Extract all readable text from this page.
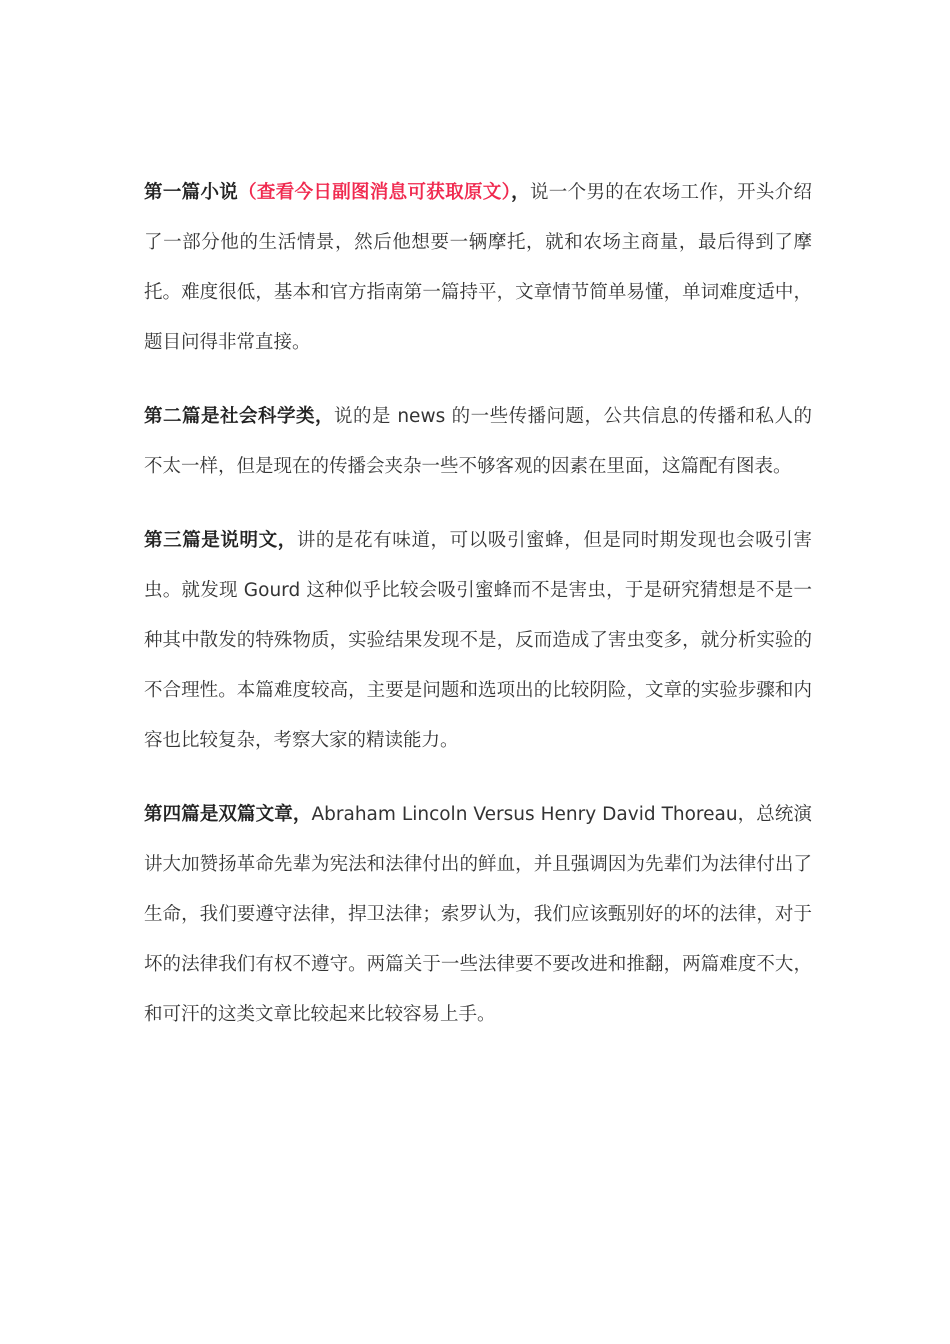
第一篇小说（查看今日副图消息可获取原文），说一个男的在农场工作，开头介绍了一部分他的生活情景，然后他想要一辆摩托，就和农场主商量，最后得到了摩托。难度很低，基本和官方指南第一篇持平，文章情节简单易懂，单词难度适中，题目问得非常直接。

第二篇是社会科学类，说的是 news 的一些传播问题，公共信息的传播和私人的不太一样，但是现在的传播会夹杂一些不够客观的因素在里面，这篇配有图表。

第三篇是说明文，讲的是花有味道，可以吸引蜜蜂，但是同时期发现也会吸引害虫。就发现 Gourd 这种似乎比较会吸引蜜蜂而不是害虫，于是研究猜想是不是一种其中散发的特殊物质，实验结果发现不是，反而造成了害虫变多，就分析实验的不合理性。本篇难度较高，主要是问题和选项出的比较阴险，文章的实验步骤和内容也比较复杂，考察大家的精读能力。

第四篇是双篇文章，Abraham Lincoln Versus Henry David Thoreau，总统演讲大加赞扬革命先辈为宪法和法律付出的鲜血，并且强调因为先辈们为法律付出了生命，我们要遵守法律，捍卫法律；索罗认为，我们应该甄别好的坏的法律，对于坏的法律我们有权不遵守。两篇关于一些法律要不要改进和推翻，两篇难度不大，和可汗的这类文章比较起来比较容易上手。
